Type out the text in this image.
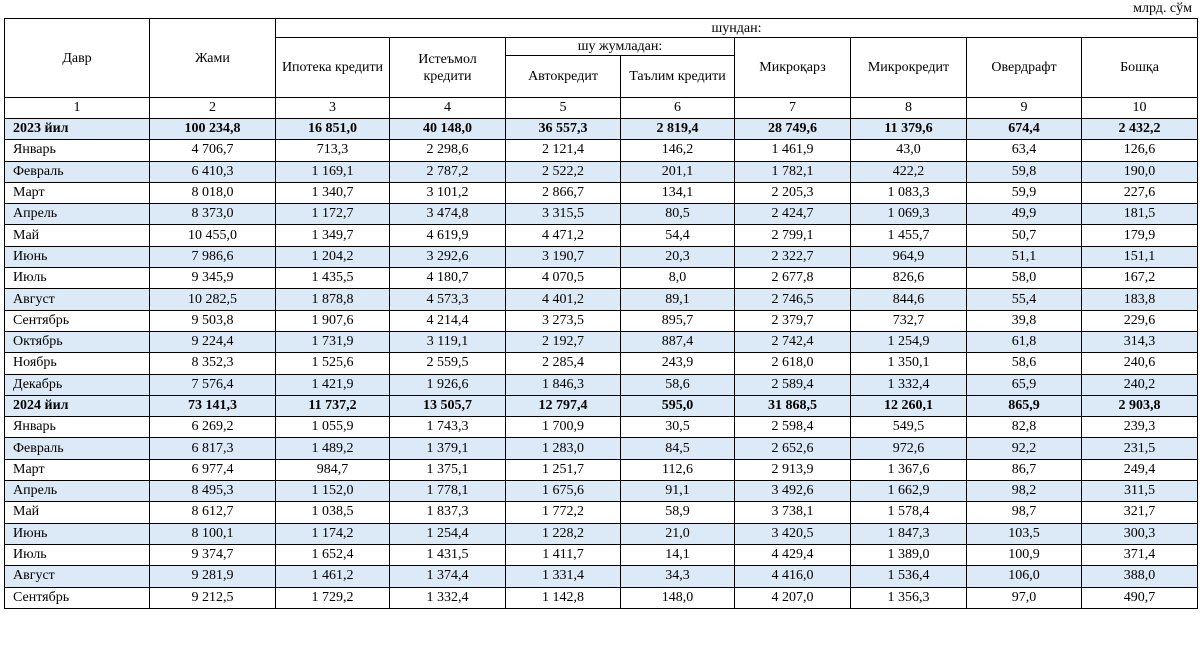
млрд. сўм
Давр	Жами	шундан:							
		Ипотека кредити	Истеъмол кредити	шу жумладан:		Микроқарз	Микрокредит	Овердрафт	Бошқа
				Автокредит	Таълим кредити				
1	2	3	4	5	6	7	8	9	10
2023 йил	100 234,8	16 851,0	40 148,0	36 557,3	2 819,4	28 749,6	11 379,6	674,4	2 432,2
Январь	4 706,7	713,3	2 298,6	2 121,4	146,2	1 461,9	43,0	63,4	126,6
Февраль	6 410,3	1 169,1	2 787,2	2 522,2	201,1	1 782,1	422,2	59,8	190,0
Март	8 018,0	1 340,7	3 101,2	2 866,7	134,1	2 205,3	1 083,3	59,9	227,6
Апрель	8 373,0	1 172,7	3 474,8	3 315,5	80,5	2 424,7	1 069,3	49,9	181,5
Май	10 455,0	1 349,7	4 619,9	4 471,2	54,4	2 799,1	1 455,7	50,7	179,9
Июнь	7 986,6	1 204,2	3 292,6	3 190,7	20,3	2 322,7	964,9	51,1	151,1
Июль	9 345,9	1 435,5	4 180,7	4 070,5	8,0	2 677,8	826,6	58,0	167,2
Август	10 282,5	1 878,8	4 573,3	4 401,2	89,1	2 746,5	844,6	55,4	183,8
Сентябрь	9 503,8	1 907,6	4 214,4	3 273,5	895,7	2 379,7	732,7	39,8	229,6
Октябрь	9 224,4	1 731,9	3 119,1	2 192,7	887,4	2 742,4	1 254,9	61,8	314,3
Ноябрь	8 352,3	1 525,6	2 559,5	2 285,4	243,9	2 618,0	1 350,1	58,6	240,6
Декабрь	7 576,4	1 421,9	1 926,6	1 846,3	58,6	2 589,4	1 332,4	65,9	240,2
2024 йил	73 141,3	11 737,2	13 505,7	12 797,4	595,0	31 868,5	12 260,1	865,9	2 903,8
Январь	6 269,2	1 055,9	1 743,3	1 700,9	30,5	2 598,4	549,5	82,8	239,3
Февраль	6 817,3	1 489,2	1 379,1	1 283,0	84,5	2 652,6	972,6	92,2	231,5
Март	6 977,4	984,7	1 375,1	1 251,7	112,6	2 913,9	1 367,6	86,7	249,4
Апрель	8 495,3	1 152,0	1 778,1	1 675,6	91,1	3 492,6	1 662,9	98,2	311,5
Май	8 612,7	1 038,5	1 837,3	1 772,2	58,9	3 738,1	1 578,4	98,7	321,7
Июнь	8 100,1	1 174,2	1 254,4	1 228,2	21,0	3 420,5	1 847,3	103,5	300,3
Июль	9 374,7	1 652,4	1 431,5	1 411,7	14,1	4 429,4	1 389,0	100,9	371,4
Август	9 281,9	1 461,2	1 374,4	1 331,4	34,3	4 416,0	1 536,4	106,0	388,0
Сентябрь	9 212,5	1 729,2	1 332,4	1 142,8	148,0	4 207,0	1 356,3	97,0	490,7
